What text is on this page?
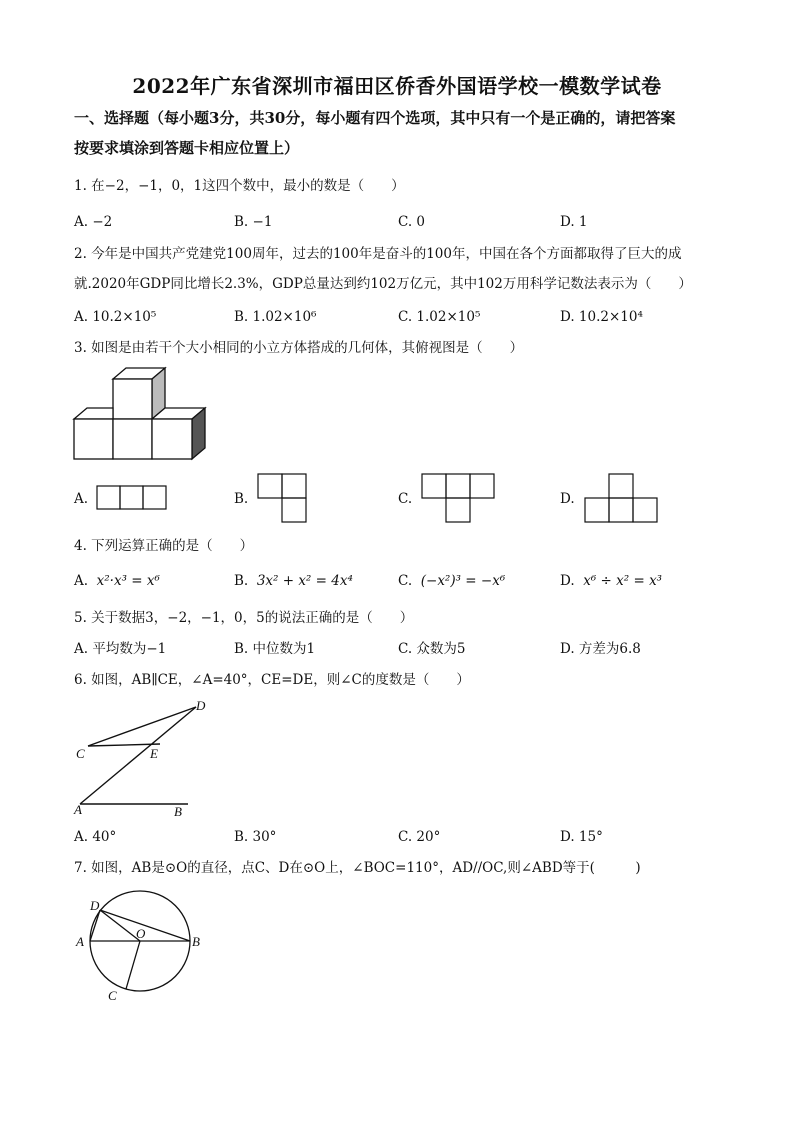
2022年广东省深圳市福田区侨香外国语学校一模数学试卷
一、选择题（每小题3分，共30分，每小题有四个选项，其中只有一个是正确的，请把答案
按要求填涂到答题卡相应位置上）
1. 在−2，−1，0，1这四个数中，最小的数是（　　）
A. −2	B. −1	C. 0	D. 1
2. 今年是中国共产党建党100周年，过去的100年是奋斗的100年，中国在各个方面都取得了巨大的成
就.2020年GDP同比增长2.3%，GDP总量达到约102万亿元，其中102万用科学记数法表示为（　　）
A. 10.2×10⁵	B. 1.02×10⁶	C. 1.02×10⁵	D. 10.2×10⁴
3. 如图是由若干个大小相同的小立方体搭成的几何体，其俯视图是（　　）
A.	B.	C.	D.
4. 下列运算正确的是（　　）
A. x²·x³ = x⁶	B. 3x² + x² = 4x⁴	C. (−x²)³ = −x⁶	D. x⁶ ÷ x² = x³
5. 关于数据3，−2，−1，0，5的说法正确的是（　　）
A. 平均数为−1	B. 中位数为1	C. 众数为5	D. 方差为6.8
6. 如图，AB∥CE，∠A=40°，CE=DE，则∠C的度数是（　　）
D
C	E
A	B
A. 40°	B. 30°	C. 20°	D. 15°
7. 如图，AB是⊙O的直径，点C、D在⊙O上，∠BOC=110°，AD//OC,则∠ABD等于(　　　)
D
A
O
B
C
